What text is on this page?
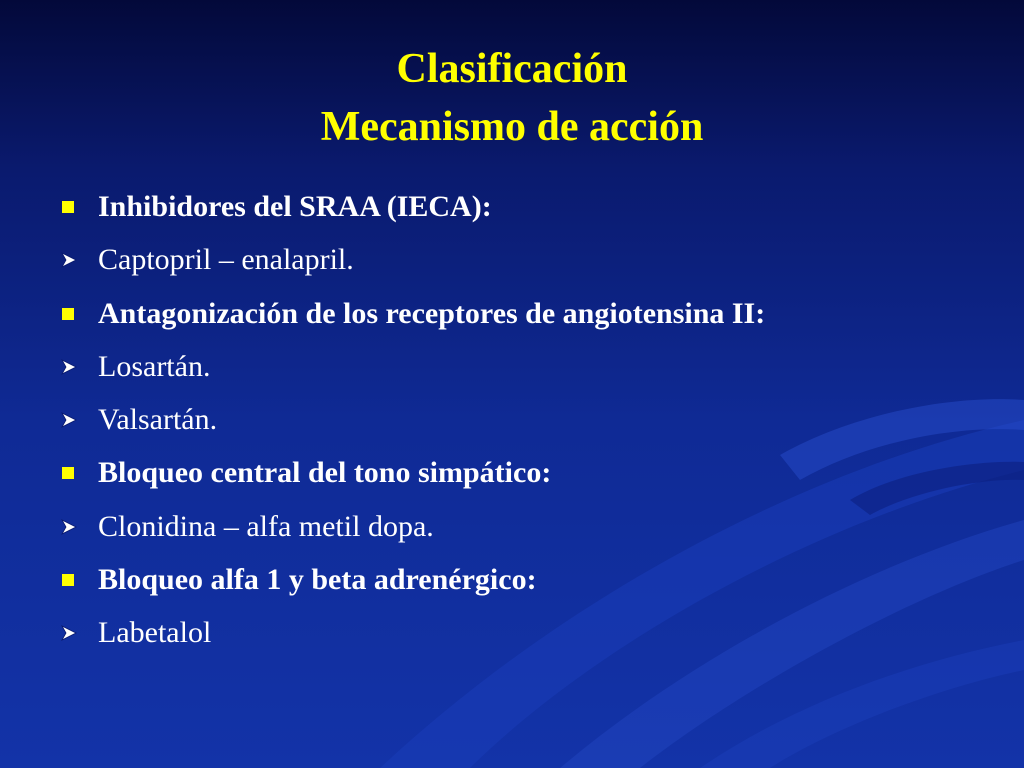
Clasificación
Mecanismo de acción
Inhibidores del SRAA (IECA):
Captopril – enalapril.
Antagonización de los receptores de angiotensina II:
Losartán.
Valsartán.
Bloqueo central del tono simpático:
Clonidina – alfa metil dopa.
Bloqueo alfa 1 y beta adrenérgico:
Labetalol
